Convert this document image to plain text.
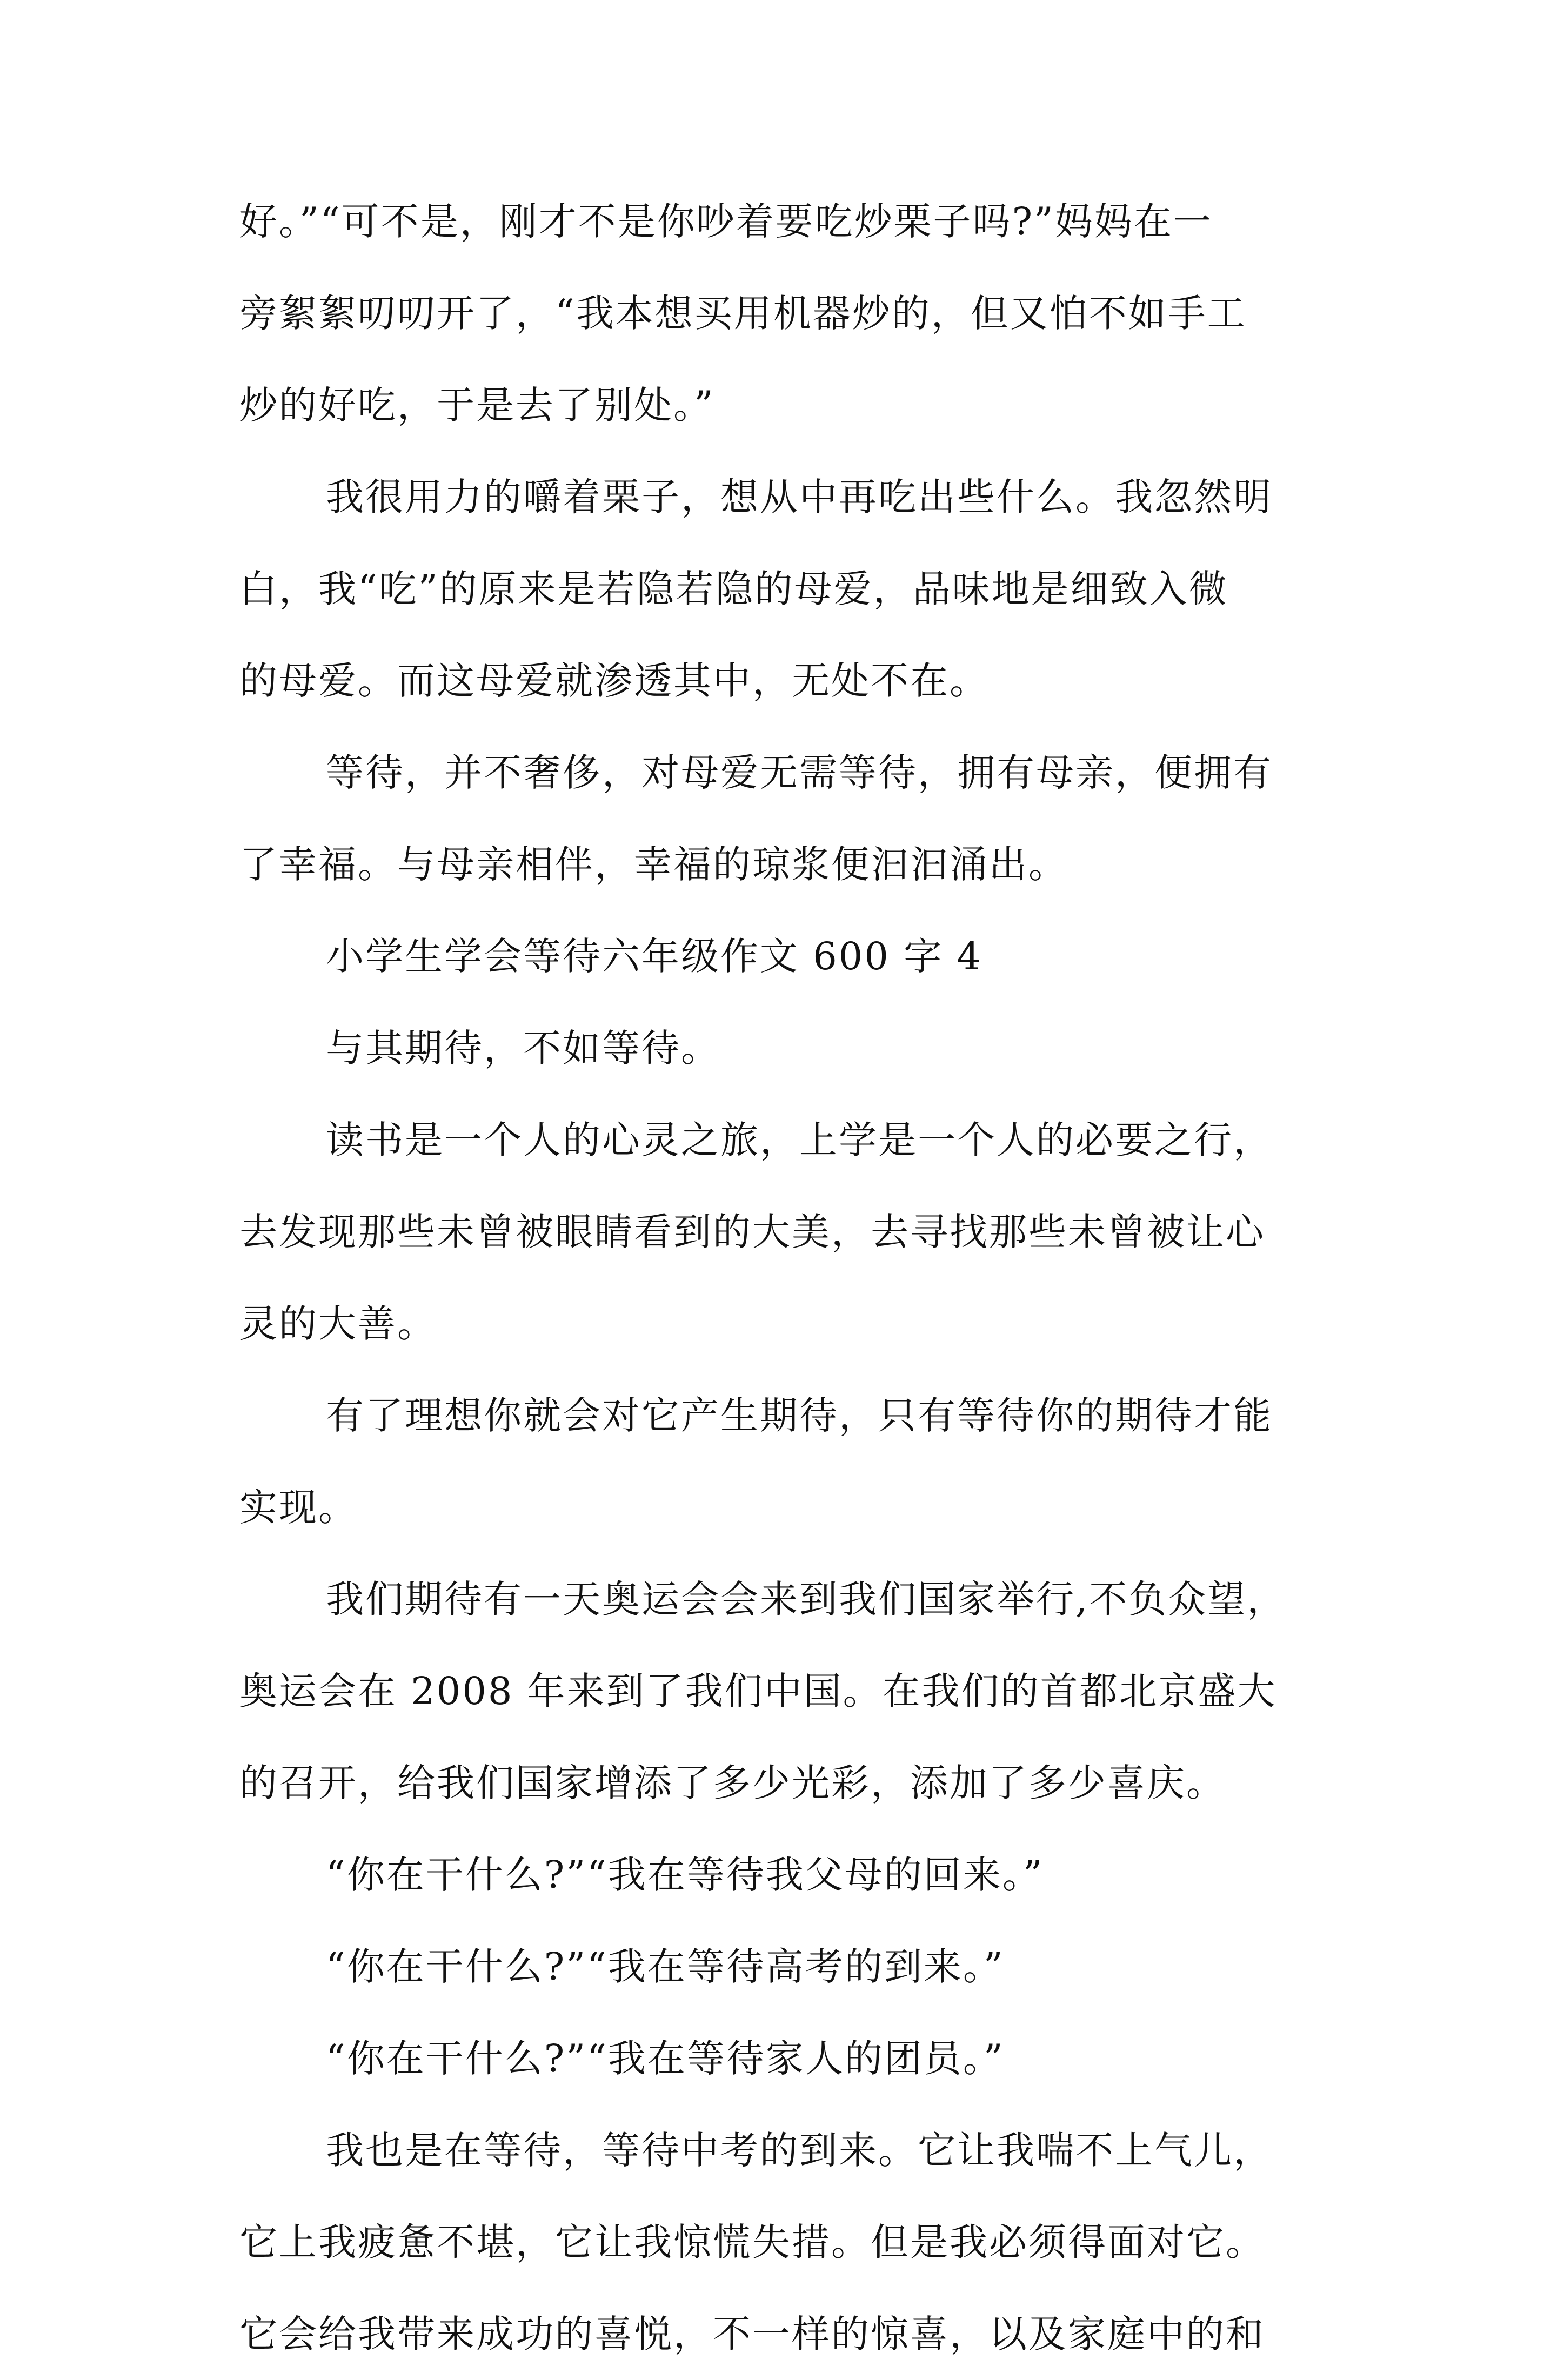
好。”“可不是，刚才不是你吵着要吃炒栗子吗?”妈妈在一

旁絮絮叨叨开了，“我本想买用机器炒的，但又怕不如手工

炒的好吃，于是去了别处。”

我很用力的嚼着栗子，想从中再吃出些什么。我忽然明

白，我“吃”的原来是若隐若隐的母爱，品味地是细致入微

的母爱。而这母爱就渗透其中，无处不在。

等待，并不奢侈，对母爱无需等待，拥有母亲，便拥有

了幸福。与母亲相伴，幸福的琼浆便汩汩涌出。

小学生学会等待六年级作文 600 字 4

与其期待，不如等待。

读书是一个人的心灵之旅，上学是一个人的必要之行，

去发现那些未曾被眼睛看到的大美，去寻找那些未曾被让心

灵的大善。

有了理想你就会对它产生期待，只有等待你的期待才能

实现。

我们期待有一天奥运会会来到我们国家举行,不负众望，

奥运会在 2008 年来到了我们中国。在我们的首都北京盛大

的召开，给我们国家增添了多少光彩，添加了多少喜庆。

“你在干什么?”“我在等待我父母的回来。”

“你在干什么?”“我在等待高考的到来。”

“你在干什么?”“我在等待家人的团员。”

我也是在等待，等待中考的到来。它让我喘不上气儿，

它上我疲惫不堪，它让我惊慌失措。但是我必须得面对它。

它会给我带来成功的喜悦，不一样的惊喜，以及家庭中的和
